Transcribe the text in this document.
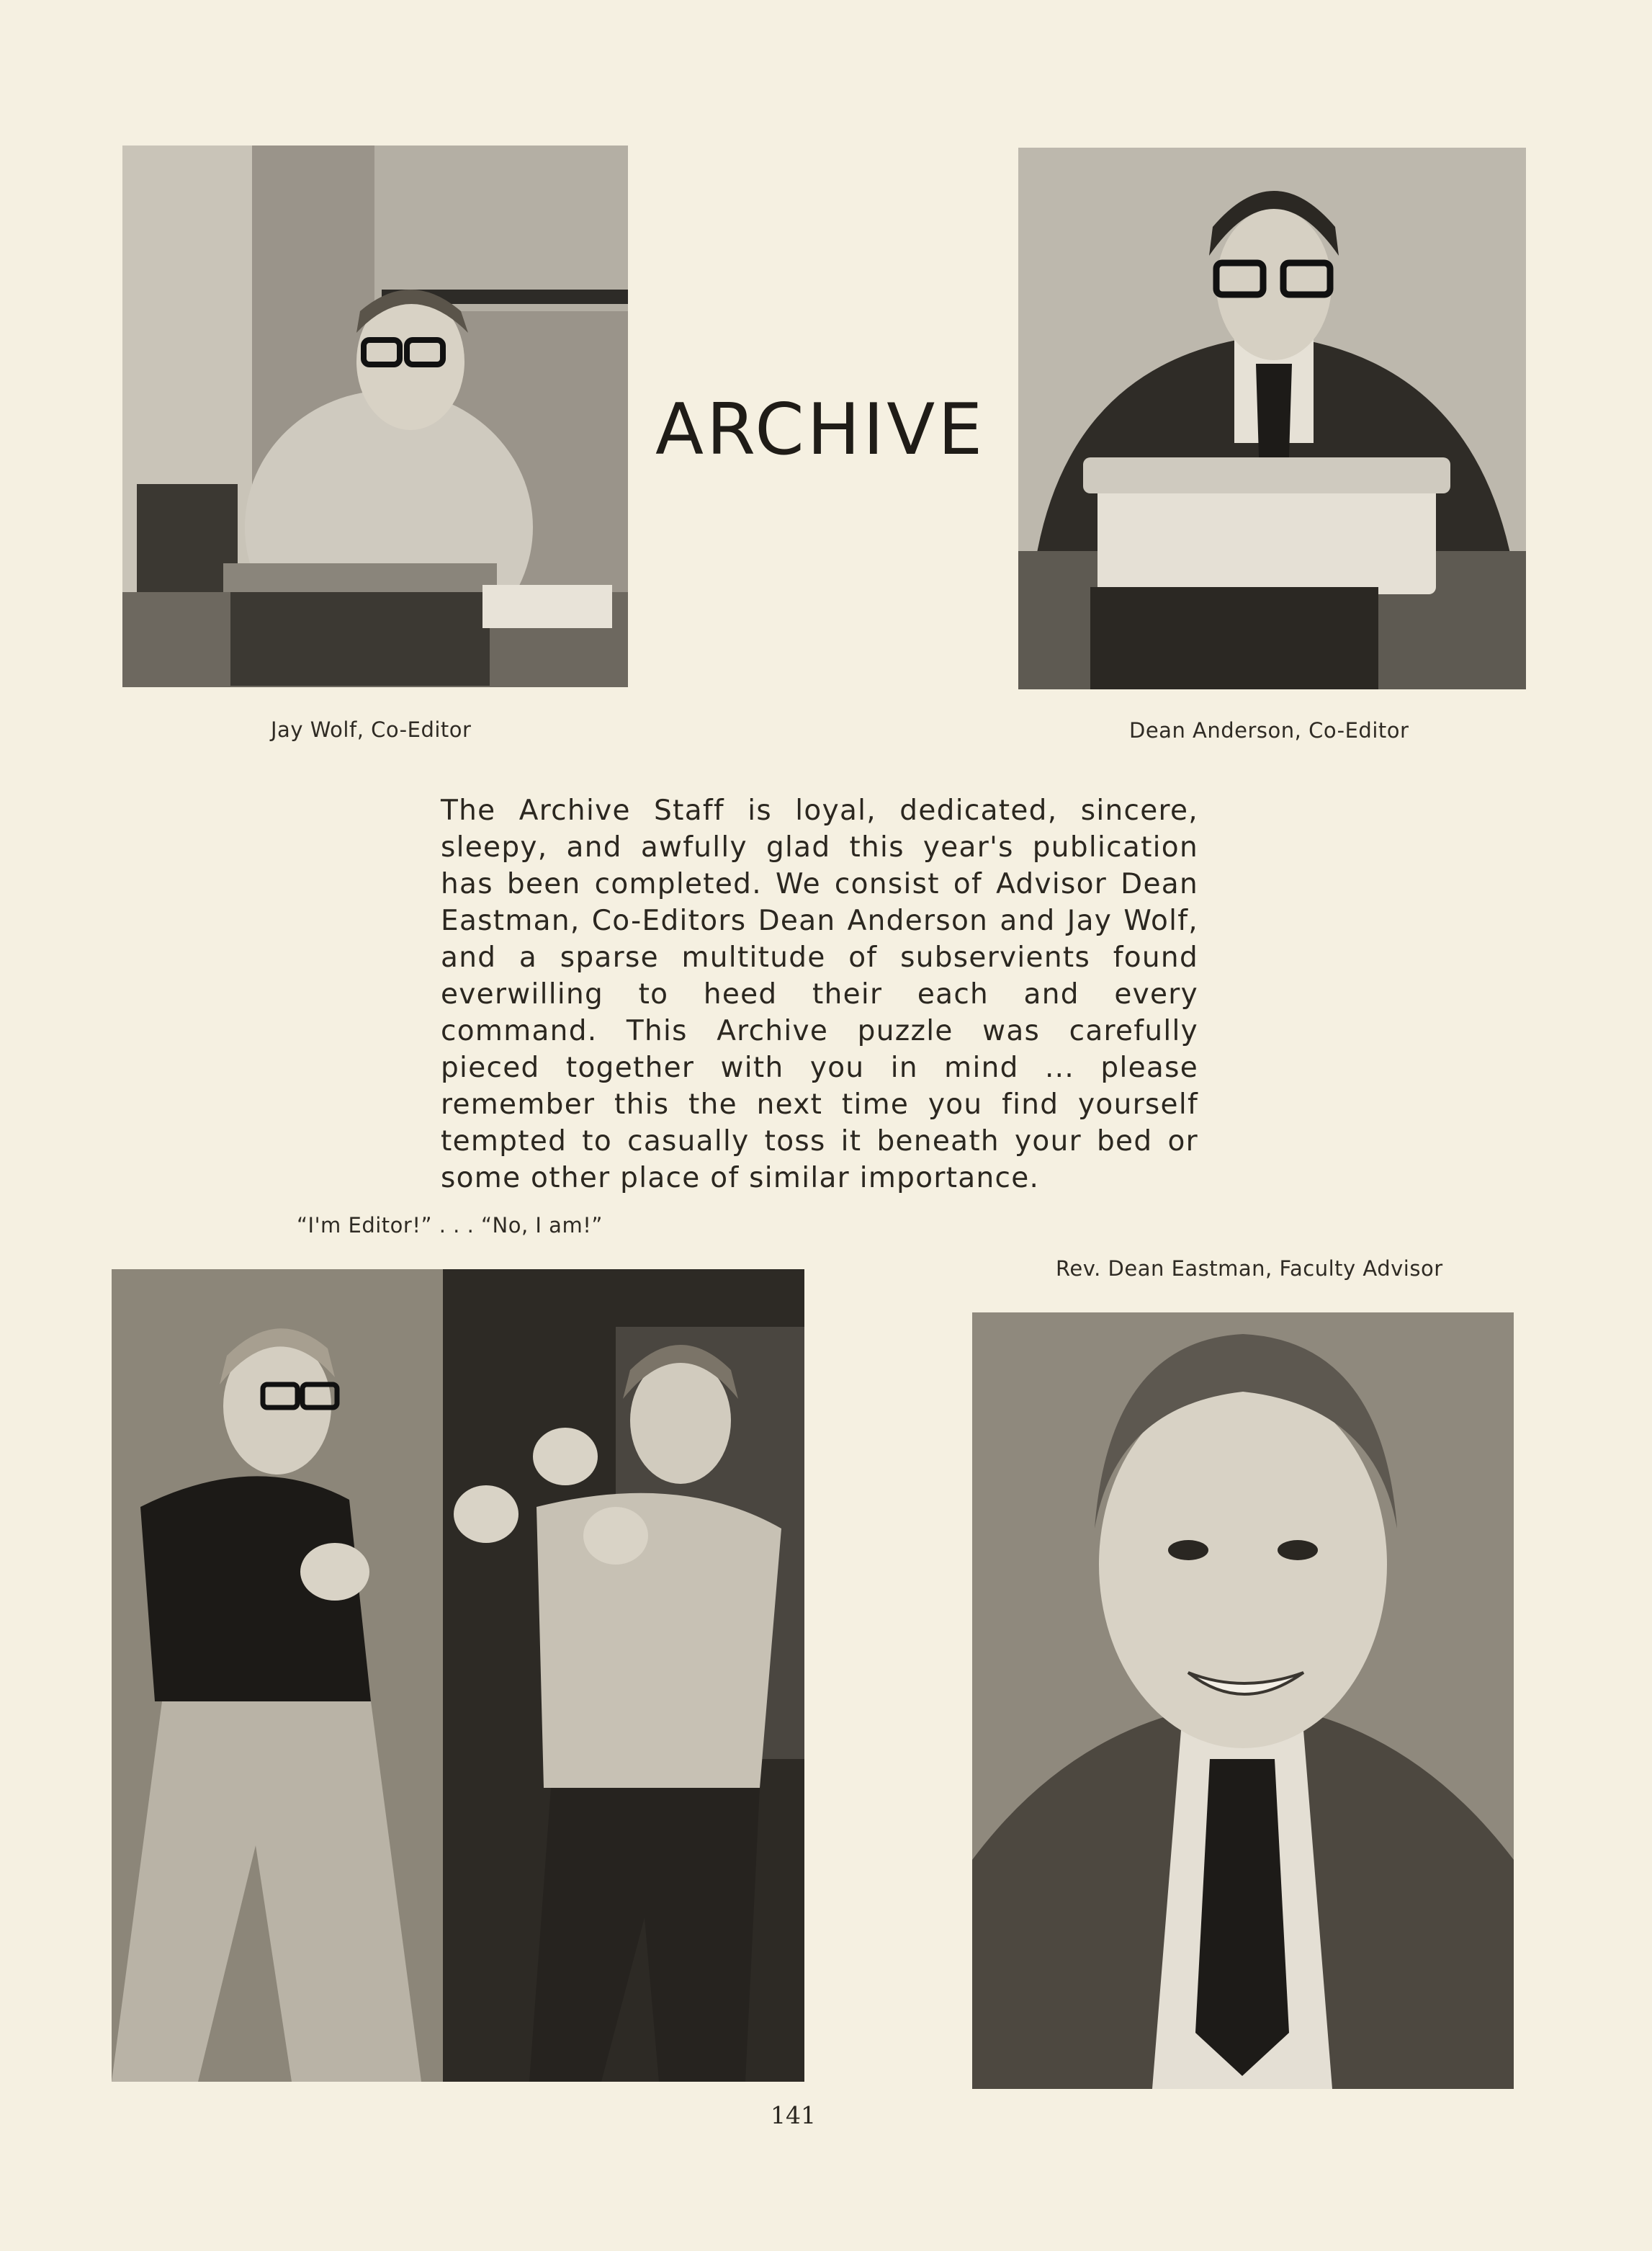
Jay Wolf, Co-Editor
ARCHIVE
Dean Anderson, Co-Editor

The Archive Staff is loyal, dedicated, sincere, sleepy, and awfully glad this year's publication has been completed. We consist of Advisor Dean Eastman, Co-Editors Dean Anderson and Jay Wolf, and a sparse multitude of subservients found everwilling to heed their each and every command. This Archive puzzle was carefully pieced together with you in mind ... please remember this the next time you find yourself tempted to casually toss it beneath your bed or some other place of similar importance.

“I'm Editor!” . . . “No, I am!”
Rev. Dean Eastman, Faculty Advisor
141
